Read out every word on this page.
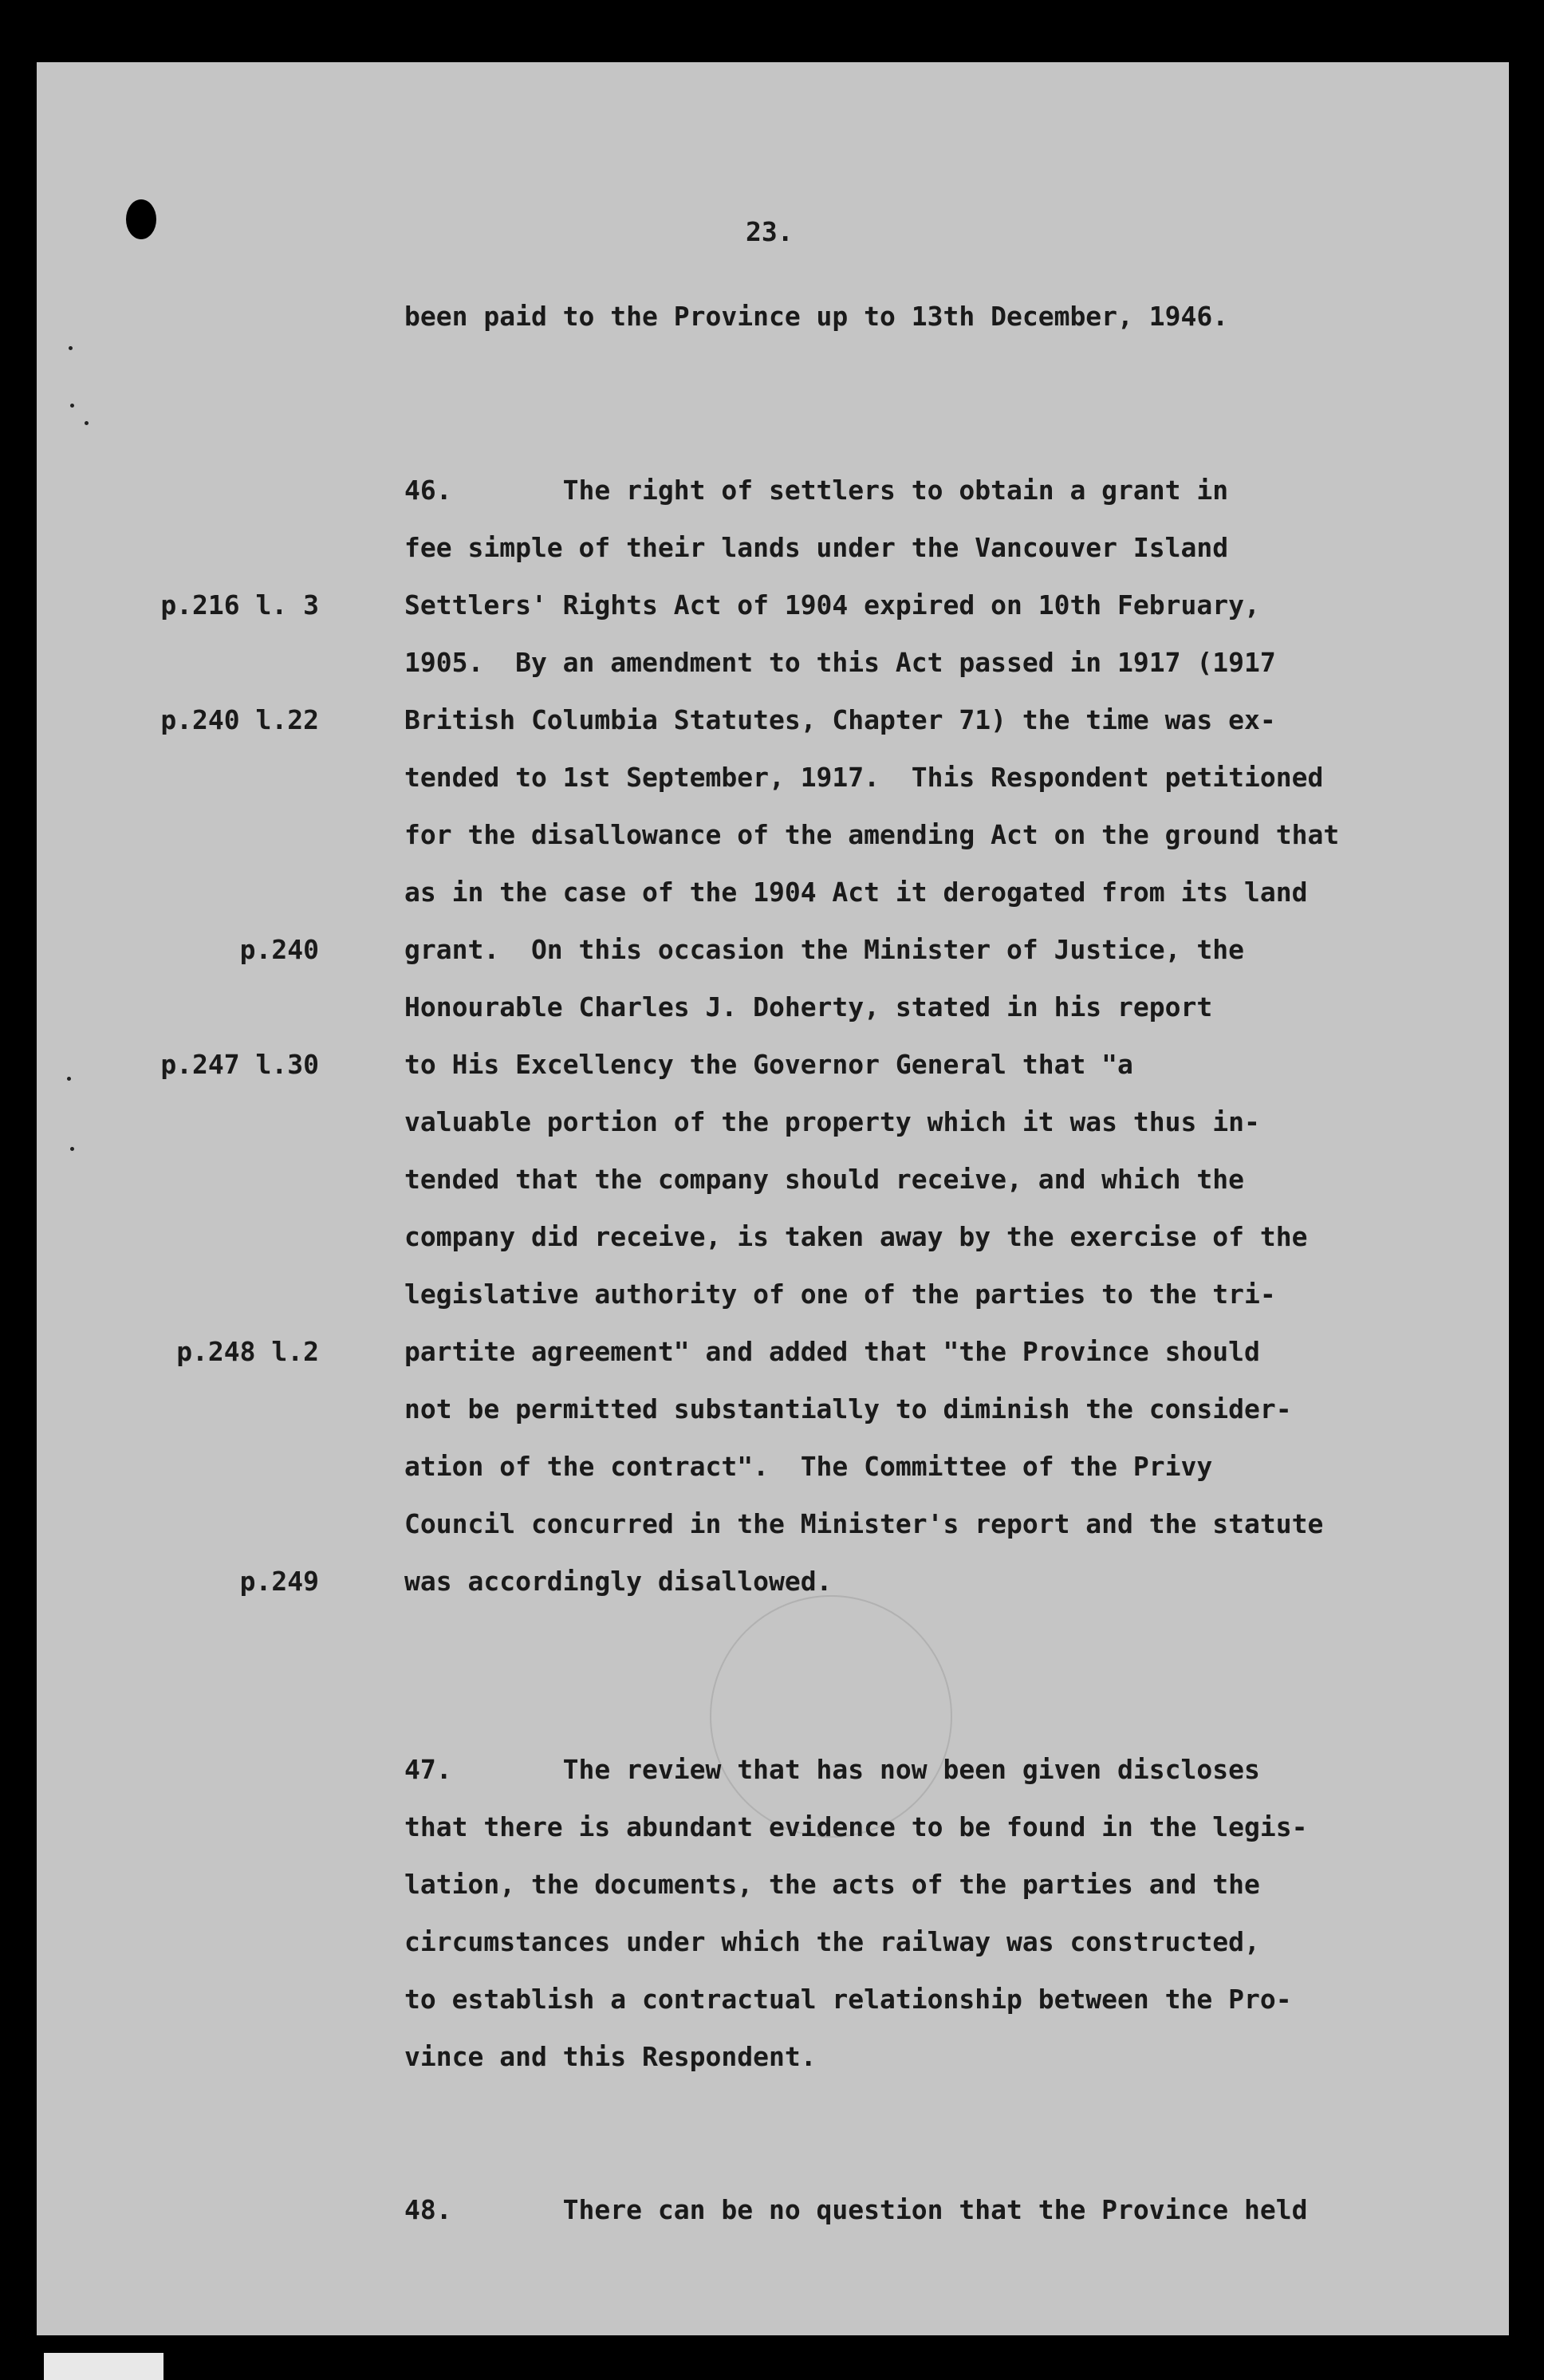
23.

been paid to the Province up to 13th December, 1946.

46.       The right of settlers to obtain a grant in

fee simple of their lands under the Vancouver Island

Settlers' Rights Act of 1904 expired on 10th February,

1905.  By an amendment to this Act passed in 1917 (1917

British Columbia Statutes, Chapter 71) the time was ex-

tended to 1st September, 1917.  This Respondent petitioned

for the disallowance of the amending Act on the ground that

as in the case of the 1904 Act it derogated from its land

grant.  On this occasion the Minister of Justice, the

Honourable Charles J. Doherty, stated in his report

to His Excellency the Governor General that "a

valuable portion of the property which it was thus in-

tended that the company should receive, and which the

company did receive, is taken away by the exercise of the

legislative authority of one of the parties to the tri-

partite agreement" and added that "the Province should

not be permitted substantially to diminish the consider-

ation of the contract".  The Committee of the Privy

Council concurred in the Minister's report and the statute

was accordingly disallowed.

47.       The review that has now been given discloses

that there is abundant evidence to be found in the legis-

lation, the documents, the acts of the parties and the

circumstances under which the railway was constructed,

to establish a contractual relationship between the Pro-

vince and this Respondent.

48.       There can be no question that the Province held

p.216 l. 3

p.240 l.22

p.240

p.247 l.30

p.248 l.2

p.249
